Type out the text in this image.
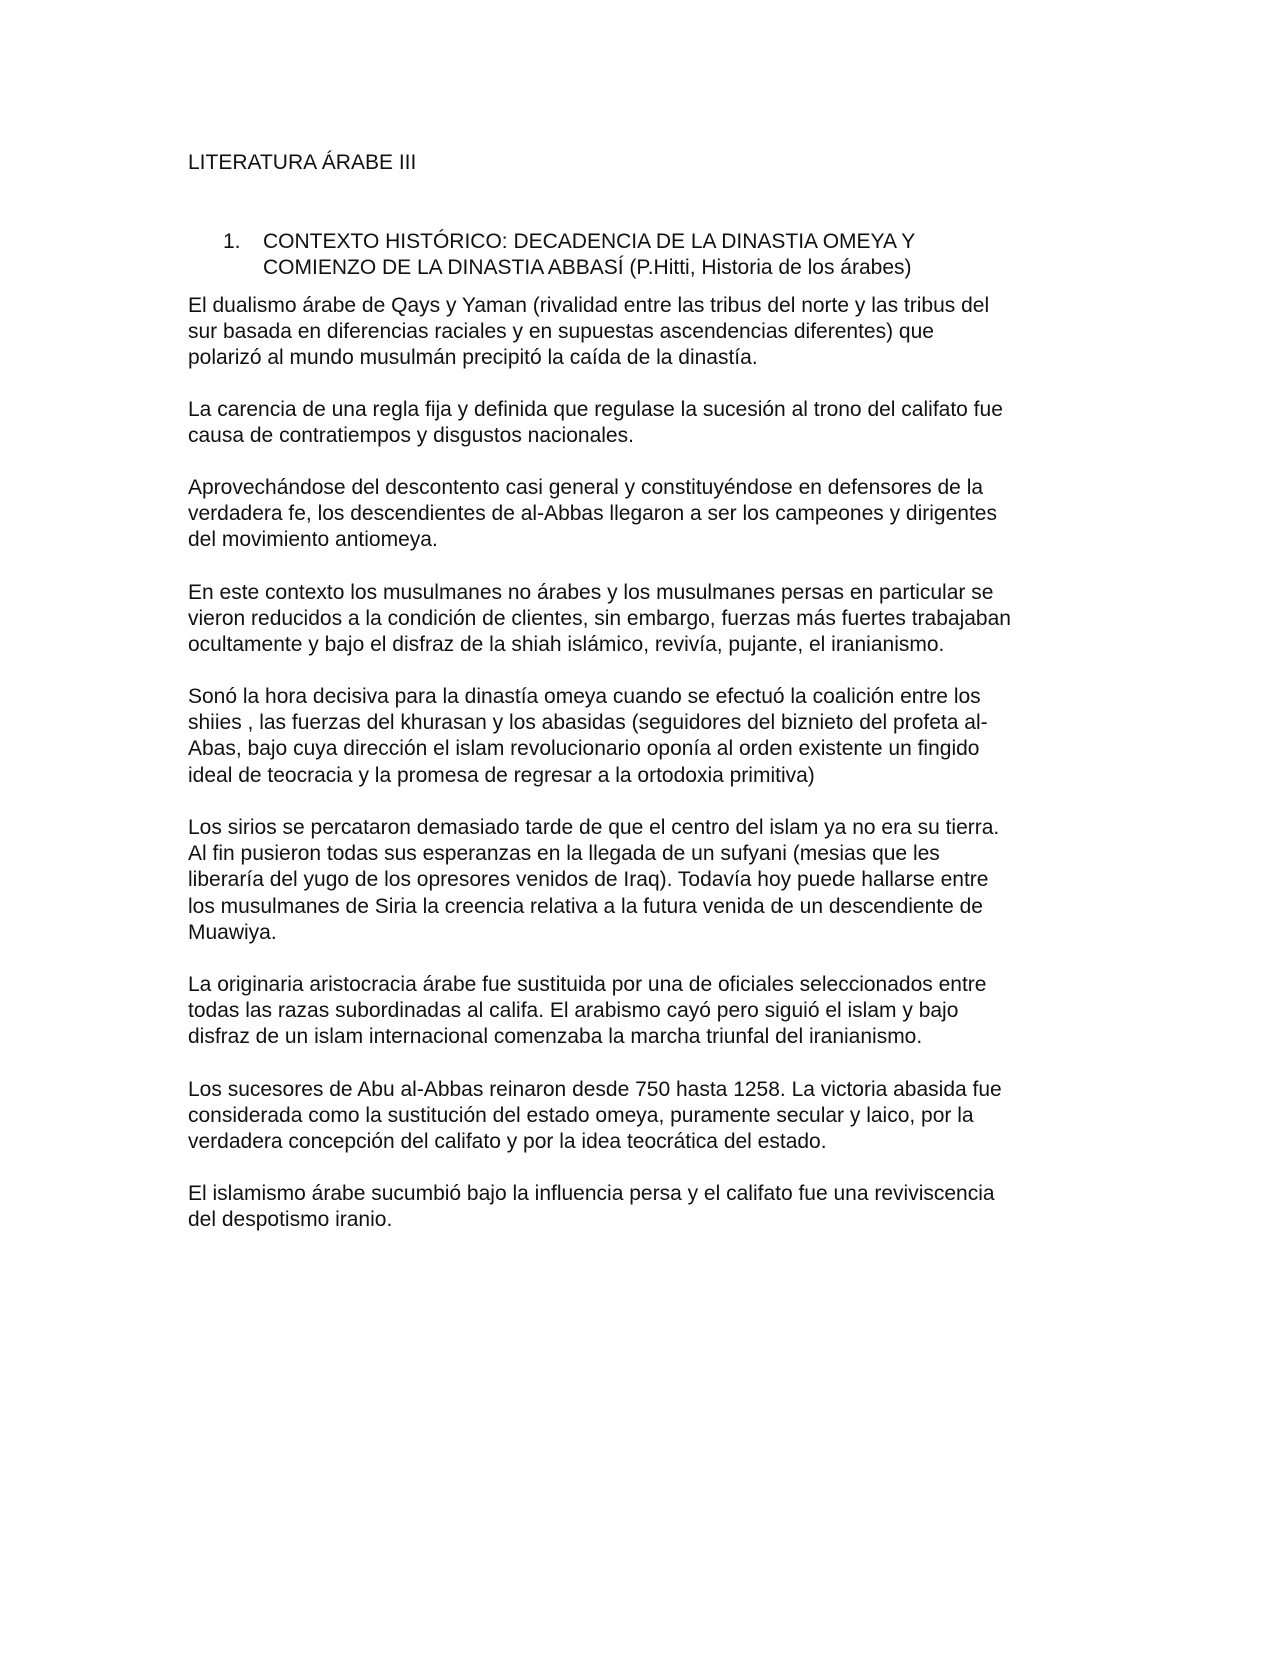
LITERATURA ÁRABE III
1. CONTEXTO HISTÓRICO: DECADENCIA DE LA DINASTIA OMEYA Y
COMIENZO DE LA DINASTIA ABBASÍ (P.Hitti, Historia de los árabes)

El dualismo árabe de Qays y Yaman (rivalidad entre las tribus del norte y las tribus del
sur basada en diferencias raciales y en supuestas ascendencias diferentes) que
polarizó al mundo musulmán precipitó la caída de la dinastía.

La carencia de una regla fija y definida que regulase la sucesión al trono del califato fue
causa de contratiempos y disgustos nacionales.

Aprovechándose del descontento casi general y constituyéndose en defensores de la
verdadera fe, los descendientes de al-Abbas llegaron a ser los campeones y dirigentes
del movimiento antiomeya.

En este contexto los musulmanes no árabes y los musulmanes persas en particular se
vieron reducidos a la condición de clientes, sin embargo, fuerzas más fuertes trabajaban
ocultamente y bajo el disfraz de la shiah islámico, revivía, pujante, el iranianismo.

Sonó la hora decisiva para la dinastía omeya cuando se efectuó la coalición entre los
shiies , las fuerzas del khurasan y los abasidas (seguidores del biznieto del profeta al-
Abas, bajo cuya dirección el islam revolucionario oponía al orden existente un fingido
ideal de teocracia y la promesa de regresar a la ortodoxia primitiva)

Los sirios se percataron demasiado tarde de que el centro del islam ya no era su tierra.
Al fin pusieron todas sus esperanzas en la llegada de un sufyani (mesias que les
liberaría del yugo de los opresores venidos de Iraq). Todavía hoy puede hallarse entre
los musulmanes de Siria la creencia relativa a la futura venida de un descendiente de
Muawiya.

La originaria aristocracia árabe fue sustituida por una de oficiales seleccionados entre
todas las razas subordinadas al califa. El arabismo cayó pero siguió el islam y bajo
disfraz de un islam internacional comenzaba la marcha triunfal del iranianismo.

Los sucesores de Abu al-Abbas reinaron desde 750 hasta 1258. La victoria abasida fue
considerada como la sustitución del estado omeya, puramente secular y laico, por la
verdadera concepción del califato y por la idea teocrática del estado.

El islamismo árabe sucumbió bajo la influencia persa y el califato fue una reviviscencia
del despotismo iranio.
